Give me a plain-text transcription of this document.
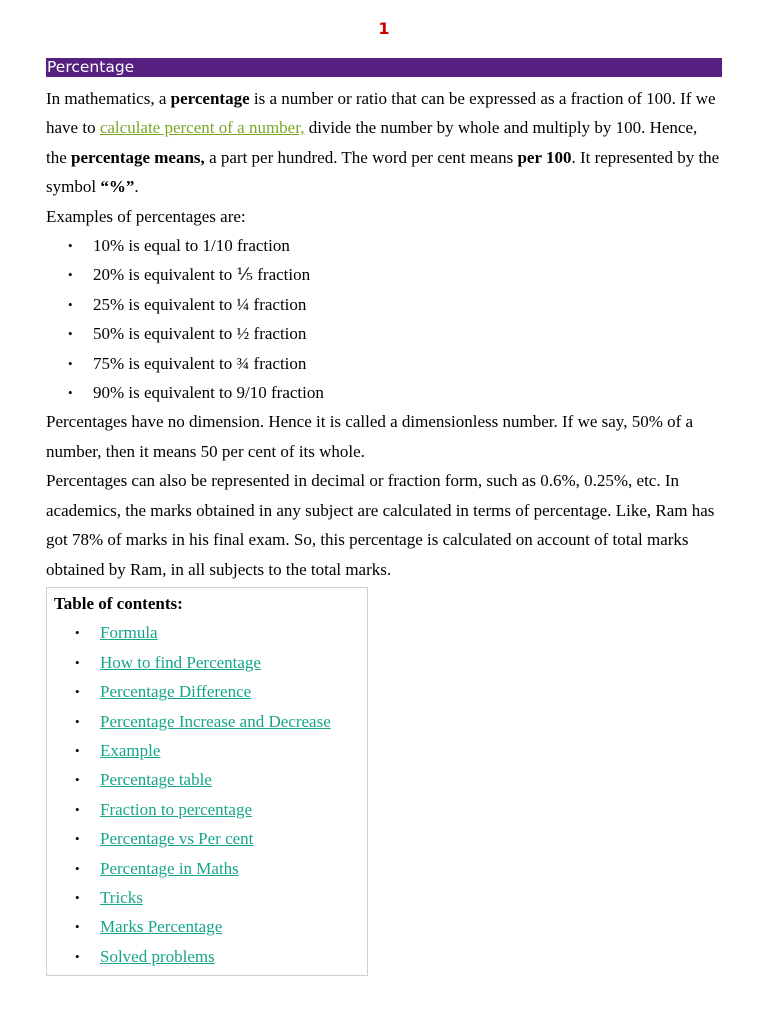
1
Percentage

In mathematics, a percentage is a number or ratio that can be expressed as a fraction of 100. If we have to calculate percent of a number, divide the number by whole and multiply by 100. Hence, the percentage means, a part per hundred. The word per cent means per 100. It represented by the symbol “%”.

Examples of percentages are:

• 10% is equal to 1/10 fraction
• 20% is equivalent to ⅕ fraction
• 25% is equivalent to ¼ fraction
• 50% is equivalent to ½ fraction
• 75% is equivalent to ¾ fraction
• 90% is equivalent to 9/10 fraction

Percentages have no dimension. Hence it is called a dimensionless number. If we say, 50% of a number, then it means 50 per cent of its whole.

Percentages can also be represented in decimal or fraction form, such as 0.6%, 0.25%, etc. In academics, the marks obtained in any subject are calculated in terms of percentage. Like, Ram has got 78% of marks in his final exam. So, this percentage is calculated on account of total marks obtained by Ram, in all subjects to the total marks.

Table of contents:
• Formula
• How to find Percentage
• Percentage Difference
• Percentage Increase and Decrease
• Example
• Percentage table
• Fraction to percentage
• Percentage vs Per cent
• Percentage in Maths
• Tricks
• Marks Percentage
• Solved problems
